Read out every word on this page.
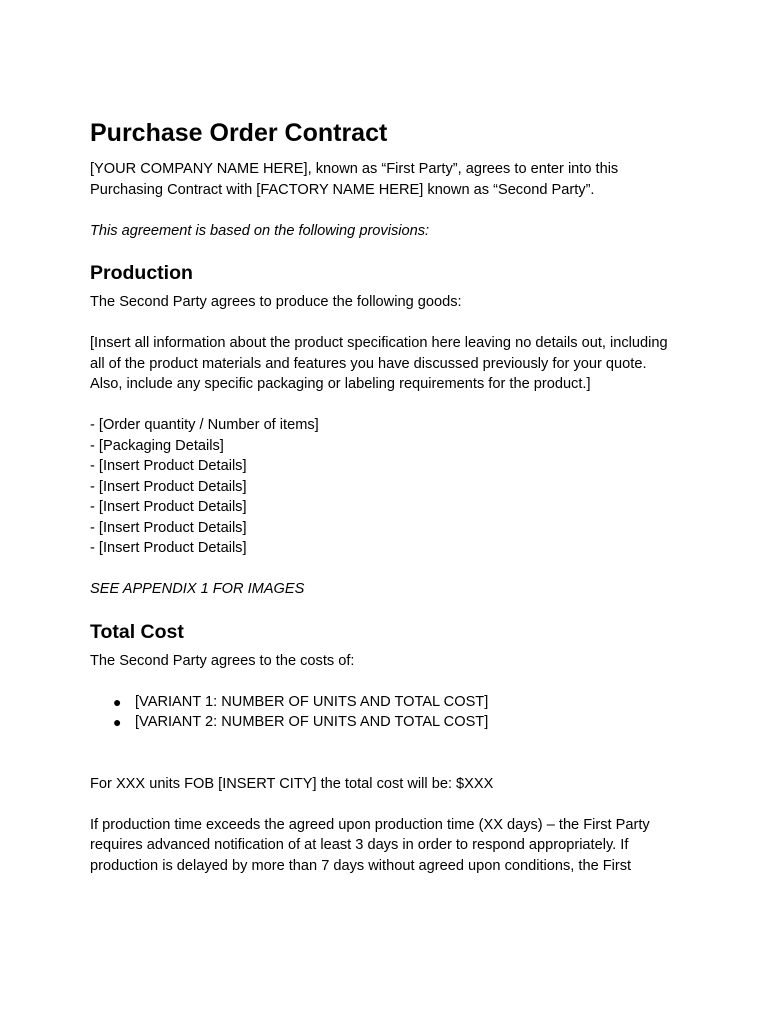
Purchase Order Contract

[YOUR COMPANY NAME HERE], known as “First Party”, agrees to enter into this Purchasing Contract with [FACTORY NAME HERE] known as “Second Party”.

This agreement is based on the following provisions:

Production

The Second Party agrees to produce the following goods:

[Insert all information about the product specification here leaving no details out, including all of the product materials and features you have discussed previously for your quote. Also, include any specific packaging or labeling requirements for the product.]

- [Order quantity / Number of items]

- [Packaging Details]

- [Insert Product Details]

- [Insert Product Details]

- [Insert Product Details]

- [Insert Product Details]

- [Insert Product Details]

SEE APPENDIX 1 FOR IMAGES

Total Cost

The Second Party agrees to the costs of:

● [VARIANT 1: NUMBER OF UNITS AND TOTAL COST]
● [VARIANT 2: NUMBER OF UNITS AND TOTAL COST]

For XXX units FOB [INSERT CITY] the total cost will be: $XXX

If production time exceeds the agreed upon production time (XX days) – the First Party requires advanced notification of at least 3 days in order to respond appropriately. If production is delayed by more than 7 days without agreed upon conditions, the First
